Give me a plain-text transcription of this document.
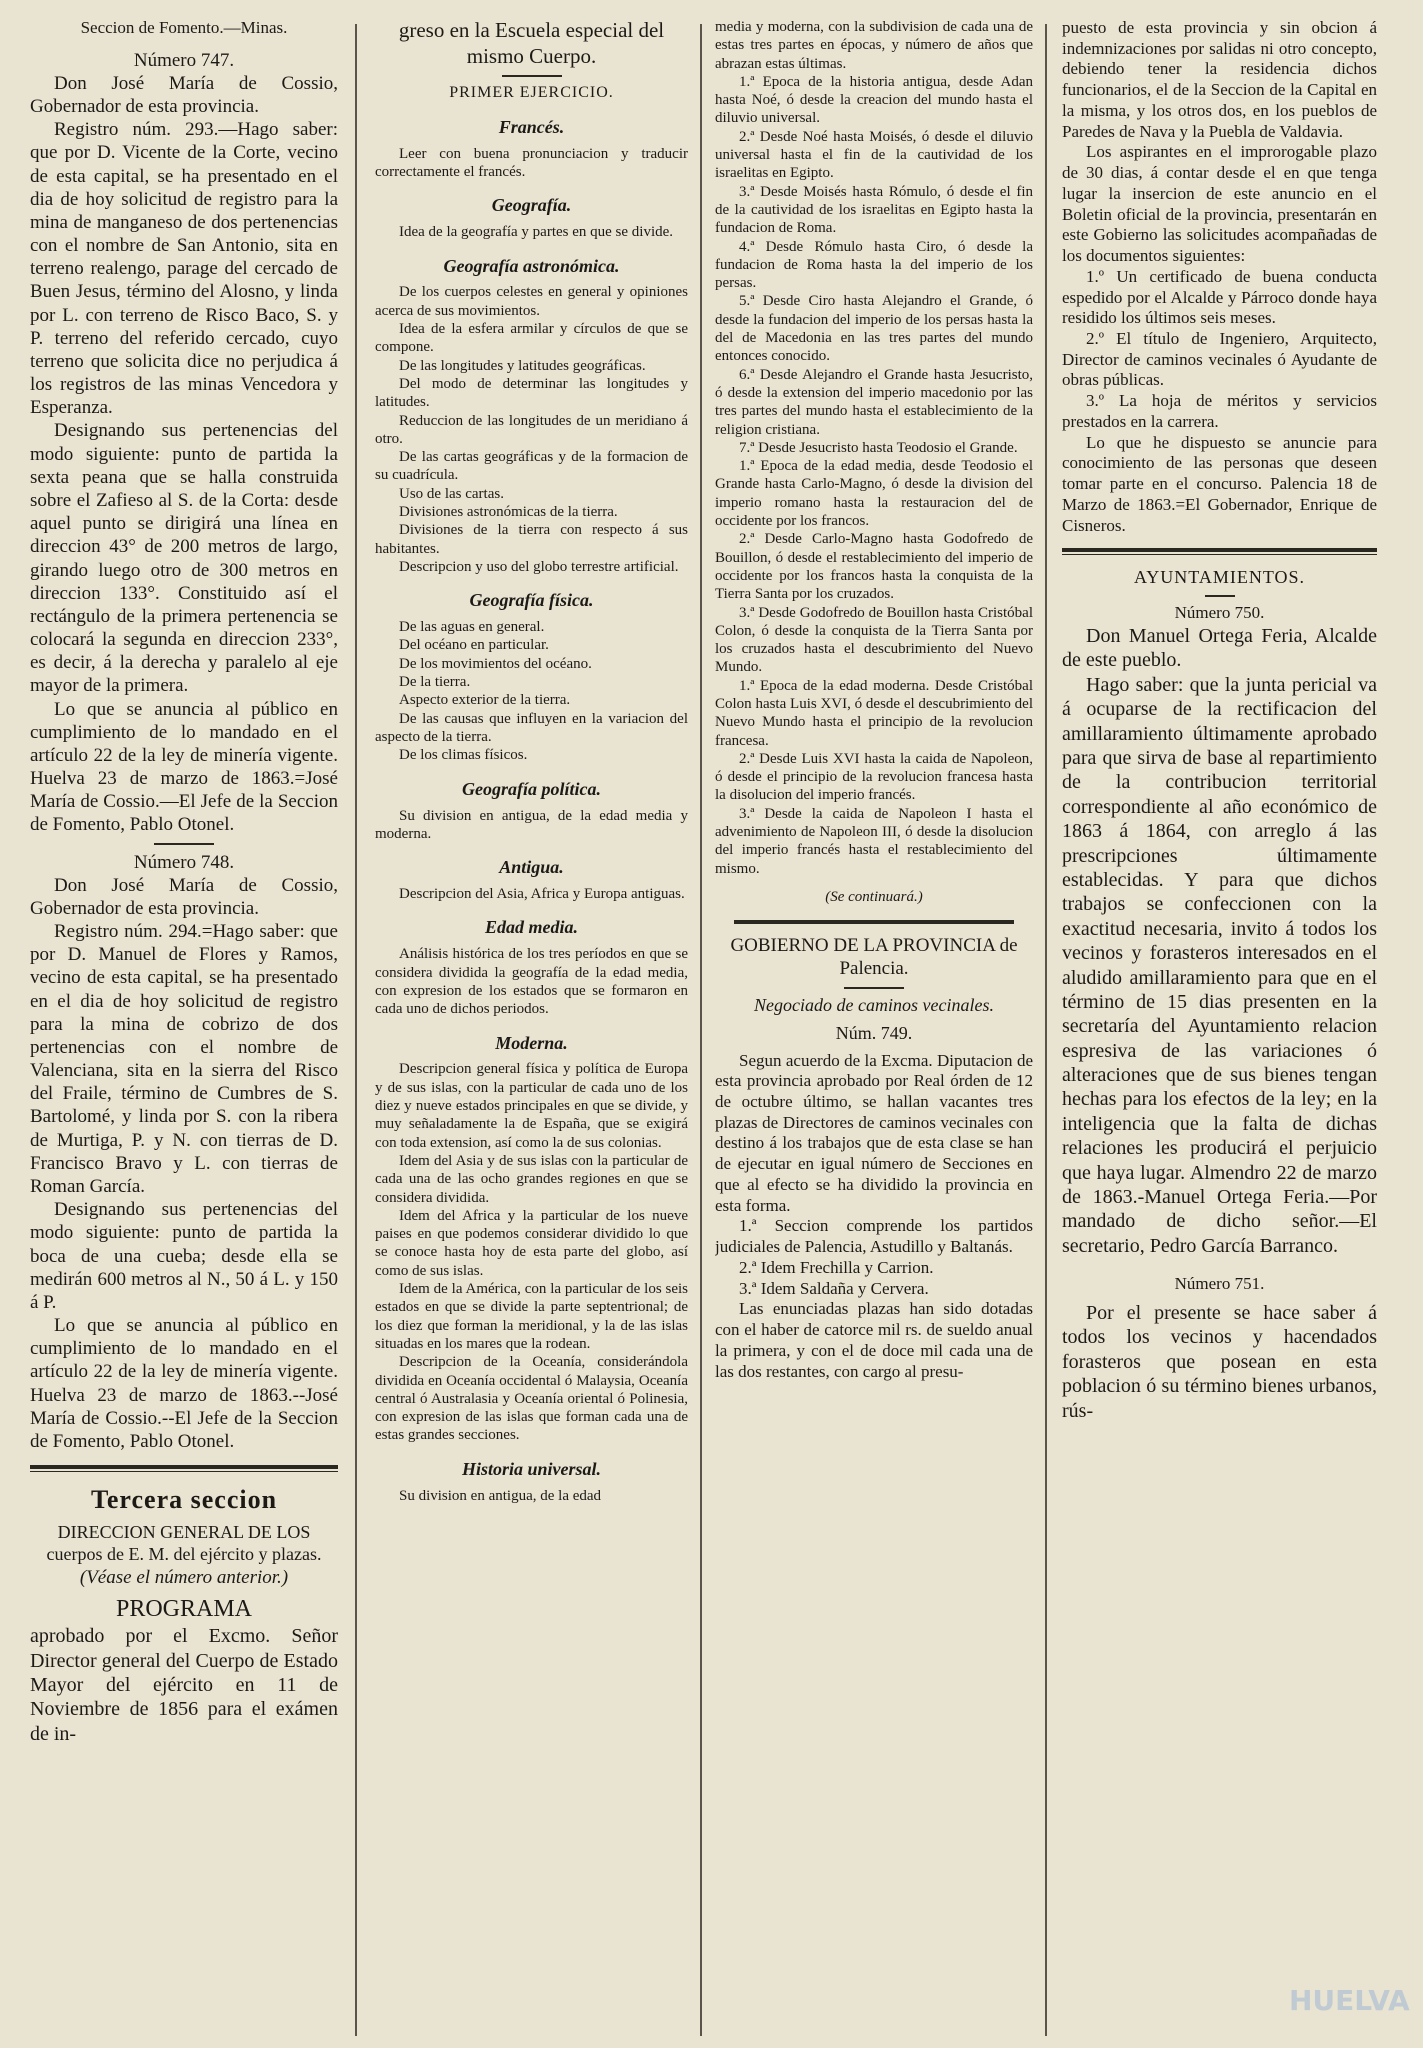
Seccion de Fomento.—Minas.

Número 747.

Don José María de Cossio, Gobernador de esta provincia.

Registro núm. 293.—Hago saber: que por D. Vicente de la Corte, vecino de esta capital, se ha presentado en el dia de hoy solicitud de registro para la mina de manganeso de dos pertenencias con el nombre de San Antonio, sita en terreno realengo, parage del cercado de Buen Jesus, término del Alosno, y linda por L. con terreno de Risco Baco, S. y P. terreno del referido cercado, cuyo terreno que solicita dice no perjudica á los registros de las minas Vencedora y Esperanza.

Designando sus pertenencias del modo siguiente: punto de partida la sexta peana que se halla construida sobre el Zafieso al S. de la Corta: desde aquel punto se dirigirá una línea en direccion 43° de 200 metros de largo, girando luego otro de 300 metros en direccion 133°. Constituido así el rectángulo de la primera pertenencia se colocará la segunda en direccion 233°, es decir, á la derecha y paralelo al eje mayor de la primera.

Lo que se anuncia al público en cumplimiento de lo mandado en el artículo 22 de la ley de minería vigente. Huelva 23 de marzo de 1863.=José María de Cossio.—El Jefe de la Seccion de Fomento, Pablo Otonel.

Número 748.

Don José María de Cossio, Gobernador de esta provincia.

Registro núm. 294.=Hago saber: que por D. Manuel de Flores y Ramos, vecino de esta capital, se ha presentado en el dia de hoy solicitud de registro para la mina de cobrizo de dos pertenencias con el nombre de Valenciana, sita en la sierra del Risco del Fraile, término de Cumbres de S. Bartolomé, y linda por S. con la ribera de Murtiga, P. y N. con tierras de D. Francisco Bravo y L. con tierras de Roman García.

Designando sus pertenencias del modo siguiente: punto de partida la boca de una cueba; desde ella se medirán 600 metros al N., 50 á L. y 150 á P.

Lo que se anuncia al público en cumplimiento de lo mandado en el artículo 22 de la ley de minería vigente. Huelva 23 de marzo de 1863.--José María de Cossio.--El Jefe de la Seccion de Fomento, Pablo Otonel.

Tercera seccion

DIRECCION GENERAL DE LOS cuerpos de E. M. del ejército y plazas.

(Véase el número anterior.)

PROGRAMA

aprobado por el Excmo. Señor Director general del Cuerpo de Estado Mayor del ejército en 11 de Noviembre de 1856 para el exámen de in-

greso en la Escuela especial del mismo Cuerpo.

PRIMER EJERCICIO.

Francés.

Leer con buena pronunciacion y traducir correctamente el francés.

Geografía.

Idea de la geografía y partes en que se divide.

Geografía astronómica.

De los cuerpos celestes en general y opiniones acerca de sus movimientos.

Idea de la esfera armilar y círculos de que se compone.

De las longitudes y latitudes geográficas.

Del modo de determinar las longitudes y latitudes.

Reduccion de las longitudes de un meridiano á otro.

De las cartas geográficas y de la formacion de su cuadrícula.

Uso de las cartas.

Divisiones astronómicas de la tierra.

Divisiones de la tierra con respecto á sus habitantes.

Descripcion y uso del globo terrestre artificial.

Geografía física.

De las aguas en general.

Del océano en particular.

De los movimientos del océano.

De la tierra.

Aspecto exterior de la tierra.

De las causas que influyen en la variacion del aspecto de la tierra.

De los climas físicos.

Geografía política.

Su division en antigua, de la edad media y moderna.

Antigua.

Descripcion del Asia, Africa y Europa antiguas.

Edad media.

Análisis histórica de los tres períodos en que se considera dividida la geografía de la edad media, con expresion de los estados que se formaron en cada uno de dichos periodos.

Moderna.

Descripcion general física y política de Europa y de sus islas, con la particular de cada uno de los diez y nueve estados principales en que se divide, y muy señaladamente la de España, que se exigirá con toda extension, así como la de sus colonias.

Idem del Asia y de sus islas con la particular de cada una de las ocho grandes regiones en que se considera dividida.

Idem del Africa y la particular de los nueve paises en que podemos considerar dividido lo que se conoce hasta hoy de esta parte del globo, así como de sus islas.

Idem de la América, con la particular de los seis estados en que se divide la parte septentrional; de los diez que forman la meridional, y la de las islas situadas en los mares que la rodean.

Descripcion de la Oceanía, considerándola dividida en Oceanía occidental ó Malaysia, Oceanía central ó Australasia y Oceanía oriental ó Polinesia, con expresion de las islas que forman cada una de estas grandes secciones.

Historia universal.

Su division en antigua, de la edad

media y moderna, con la subdivision de cada una de estas tres partes en épocas, y número de años que abrazan estas últimas.

1.ª Epoca de la historia antigua, desde Adan hasta Noé, ó desde la creacion del mundo hasta el diluvio universal.

2.ª Desde Noé hasta Moisés, ó desde el diluvio universal hasta el fin de la cautividad de los israelitas en Egipto.

3.ª Desde Moisés hasta Rómulo, ó desde el fin de la cautividad de los israelitas en Egipto hasta la fundacion de Roma.

4.ª Desde Rómulo hasta Ciro, ó desde la fundacion de Roma hasta la del imperio de los persas.

5.ª Desde Ciro hasta Alejandro el Grande, ó desde la fundacion del imperio de los persas hasta la del de Macedonia en las tres partes del mundo entonces conocido.

6.ª Desde Alejandro el Grande hasta Jesucristo, ó desde la extension del imperio macedonio por las tres partes del mundo hasta el establecimiento de la religion cristiana.

7.ª Desde Jesucristo hasta Teodosio el Grande.

1.ª Epoca de la edad media, desde Teodosio el Grande hasta Carlo-Magno, ó desde la division del imperio romano hasta la restauracion del de occidente por los francos.

2.ª Desde Carlo-Magno hasta Godofredo de Bouillon, ó desde el restablecimiento del imperio de occidente por los francos hasta la conquista de la Tierra Santa por los cruzados.

3.ª Desde Godofredo de Bouillon hasta Cristóbal Colon, ó desde la conquista de la Tierra Santa por los cruzados hasta el descubrimiento del Nuevo Mundo.

1.ª Epoca de la edad moderna. Desde Cristóbal Colon hasta Luis XVI, ó desde el descubrimiento del Nuevo Mundo hasta el principio de la revolucion francesa.

2.ª Desde Luis XVI hasta la caida de Napoleon, ó desde el principio de la revolucion francesa hasta la disolucion del imperio francés.

3.ª Desde la caida de Napoleon I hasta el advenimiento de Napoleon III, ó desde la disolucion del imperio francés hasta el restablecimiento del mismo.

(Se continuará.)

GOBIERNO DE LA PROVINCIA de Palencia.

Negociado de caminos vecinales.

Núm. 749.

Segun acuerdo de la Excma. Diputacion de esta provincia aprobado por Real órden de 12 de octubre último, se hallan vacantes tres plazas de Directores de caminos vecinales con destino á los trabajos que de esta clase se han de ejecutar en igual número de Secciones en que al efecto se ha dividido la provincia en esta forma.

1.ª Seccion comprende los partidos judiciales de Palencia, Astudillo y Baltanás.

2.ª Idem Frechilla y Carrion.

3.ª Idem Saldaña y Cervera.

Las enunciadas plazas han sido dotadas con el haber de catorce mil rs. de sueldo anual la primera, y con el de doce mil cada una de las dos restantes, con cargo al presu-

puesto de esta provincia y sin obcion á indemnizaciones por salidas ni otro concepto, debiendo tener la residencia dichos funcionarios, el de la Seccion de la Capital en la misma, y los otros dos, en los pueblos de Paredes de Nava y la Puebla de Valdavia.

Los aspirantes en el improrogable plazo de 30 dias, á contar desde el en que tenga lugar la insercion de este anuncio en el Boletin oficial de la provincia, presentarán en este Gobierno las solicitudes acompañadas de los documentos siguientes:

1.º Un certificado de buena conducta espedido por el Alcalde y Párroco donde haya residido los últimos seis meses.

2.º El título de Ingeniero, Arquitecto, Director de caminos vecinales ó Ayudante de obras públicas.

3.º La hoja de méritos y servicios prestados en la carrera.

Lo que he dispuesto se anuncie para conocimiento de las personas que deseen tomar parte en el concurso. Palencia 18 de Marzo de 1863.=El Gobernador, Enrique de Cisneros.

AYUNTAMIENTOS.

Número 750.

Don Manuel Ortega Feria, Alcalde de este pueblo.

Hago saber: que la junta pericial va á ocuparse de la rectificacion del amillaramiento últimamente aprobado para que sirva de base al repartimiento de la contribucion territorial correspondiente al año económico de 1863 á 1864, con arreglo á las prescripciones últimamente establecidas. Y para que dichos trabajos se confeccionen con la exactitud necesaria, invito á todos los vecinos y forasteros interesados en el aludido amillaramiento para que en el término de 15 dias presenten en la secretaría del Ayuntamiento relacion espresiva de las variaciones ó alteraciones que de sus bienes tengan hechas para los efectos de la ley; en la inteligencia que la falta de dichas relaciones les producirá el perjuicio que haya lugar. Almendro 22 de marzo de 1863.-Manuel Ortega Feria.—Por mandado de dicho señor.—El secretario, Pedro García Barranco.

Número 751.

Por el presente se hace saber á todos los vecinos y hacendados forasteros que posean en esta poblacion ó su término bienes urbanos, rús-

HUELVA
